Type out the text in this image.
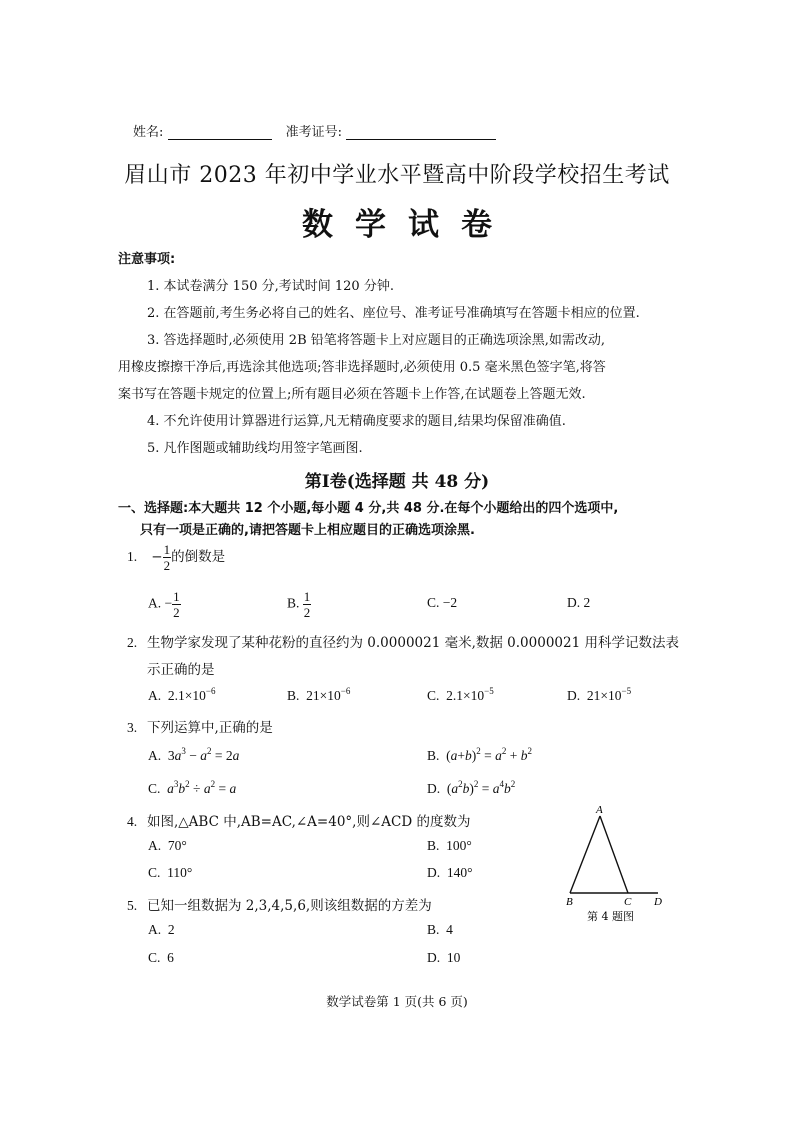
姓名:	准考证号:
眉山市 2023 年初中学业水平暨高中阶段学校招生考试
数学试卷
注意事项:
1. 本试卷满分 150 分,考试时间 120 分钟.
2. 在答题前,考生务必将自己的姓名、座位号、准考证号准确填写在答题卡相应的位置.
3. 答选择题时,必须使用 2B 铅笔将答题卡上对应题目的正确选项涂黑,如需改动,
用橡皮擦擦干净后,再选涂其他选项;答非选择题时,必须使用 0.5 毫米黑色签字笔,将答
案书写在答题卡规定的位置上;所有题目必须在答题卡上作答,在试题卷上答题无效.
4. 不允许使用计算器进行运算,凡无精确度要求的题目,结果均保留准确值.
5. 凡作图题或辅助线均用签字笔画图.
第Ⅰ卷(选择题 共 48 分)
一、选择题:本大题共 12 个小题,每小题 4 分,共 48 分.在每个小题给出的四个选项中,
只有一项是正确的,请把答题卡上相应题目的正确选项涂黑.
1. − $\frac{1}{2}$ 的倒数是
A. − $\frac{1}{2}$	B. $\frac{1}{2}$	C. −2	D. 2
2. 生物学家发现了某种花粉的直径约为 0.0000021 毫米,数据 0.0000021 用科学记数法表
示正确的是
A. $2.1\times 10^{-6}$	B. $21\times 10^{-6}$	C. $2.1\times 10^{-5}$	D. $21\times 10^{-5}$
3. 下列运算中,正确的是
A.  $3a^3 - a^2 = 2a$	B.  $(a+b)^2 = a^2 + b^2$
C. $a^3b^2 \div a^2 = a$	D.  $(a^2b)^2 = a^4b^2$
4. 如图,△ABC 中,AB=AC,∠A=40°,则∠ACD 的度数为
A. 70°	B. 100°
C. 110°	D. 140°
A
B	C D
第 4 题图
5. 已知一组数据为 2,3,4,5,6,则该组数据的方差为
A. 2	B. 4
C. 6	D. 10
数学试卷第 1 页(共 6 页)
